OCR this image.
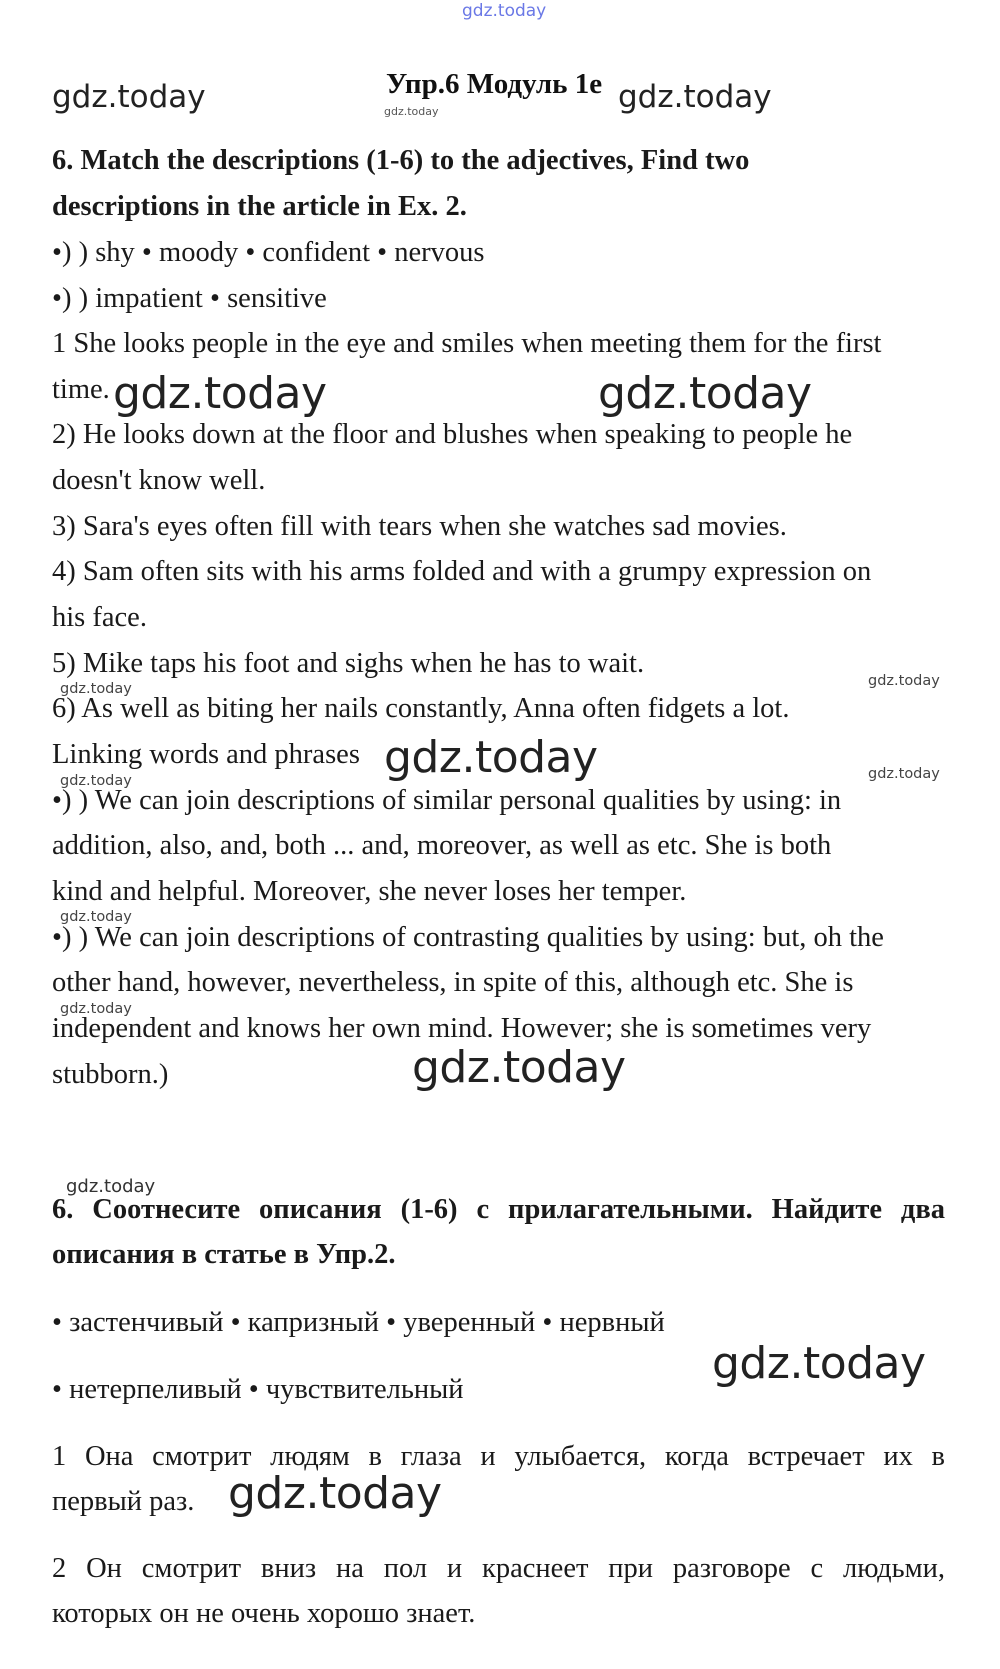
gdz.today
gdz.today	Упр.6 Модуль 1e
gdz.today	gdz.today
6. Match the descriptions (1-6) to the adjectives, Find two
descriptions in the article in Ex. 2.
•) ) shy • moody • confident • nervous
•) ) impatient • sensitive
1 She looks people in the eye and smiles when meeting them for the first
time. gdz.today	gdz.today
2) He looks down at the floor and blushes when speaking to people he
doesn't know well.
3) Sara's eyes often fill with tears when she watches sad movies.
4) Sam often sits with his arms folded and with a grumpy expression on
his face.
5) Mike taps his foot and sighs when he has to wait.
gdz.today	gdz.today
6) As well as biting her nails constantly, Anna often fidgets a lot.
Linking words and phrases gdz.today
gdz.today	gdz.today
•) ) We can join descriptions of similar personal qualities by using: in
addition, also, and, both ... and, moreover, as well as etc. She is both
kind and helpful. Moreover, she never loses her temper.
gdz.today
•) ) We can join descriptions of contrasting qualities by using: but, oh the
other hand, however, nevertheless, in spite of this, although etc. She is
gdz.today
independent and knows her own mind. However; she is sometimes very
stubborn.)	gdz.today
gdz.today
6. Соотнесите описания (1-6) с прилагательными. Найдите два
описания в статье в Упр.2.
• застенчивый • капризный • уверенный • нервный
gdz.today
• нетерпеливый • чувствительный
1 Она смотрит людям в глаза и улыбается, когда встречает их в
первый раз. gdz.today
2 Он смотрит вниз на пол и краснеет при разговоре с людьми,
которых он не очень хорошо знает.
